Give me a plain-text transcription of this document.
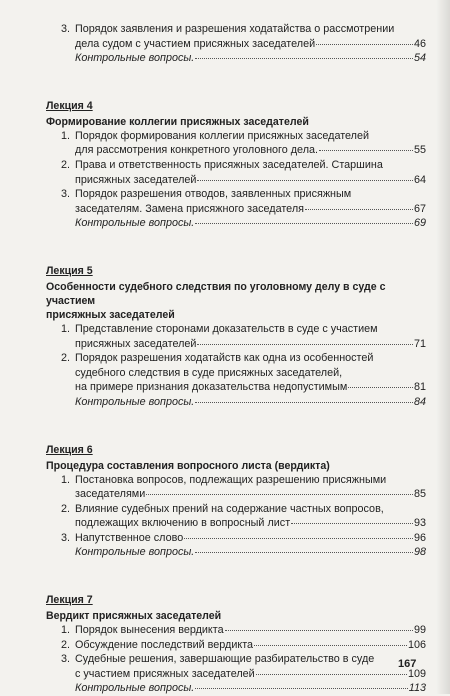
3. Порядок заявления и разрешения ходатайства о рассмотрении
дела судом с участием присяжных заседателей	46
Контрольные вопросы.	54
Лекция 4
Формирование коллегии присяжных заседателей
1. Порядок формирования коллегии присяжных заседателей
для рассмотрения конкретного уголовного дела.	55
2. Права и ответственность присяжных заседателей. Старшина
присяжных заседателей	64
3. Порядок разрешения отводов, заявленных присяжным
заседателям. Замена присяжного заседателя	67
Контрольные вопросы.	69
Лекция 5
Особенности судебного следствия по уголовному делу в суде с участием
присяжных заседателей
1. Представление сторонами доказательств в суде с участием
присяжных заседателей	71
2. Порядок разрешения ходатайств как одна из особенностей
судебного следствия в суде присяжных заседателей,
на примере признания доказательства недопустимым	81
Контрольные вопросы.	84
Лекция 6
Процедура составления вопросного листа (вердикта)
1. Постановка вопросов, подлежащих разрешению присяжными
заседателями	85
2. Влияние судебных прений на содержание частных вопросов,
подлежащих включению в вопросный лист	93
3. Напутственное слово	96
Контрольные вопросы.	98
Лекция 7
Вердикт присяжных заседателей
1. Порядок вынесения вердикта	99
2. Обсуждение последствий вердикта	106
3. Судебные решения, завершающие разбирательство в суде
с участием присяжных заседателей	109
Контрольные вопросы.	113
167
